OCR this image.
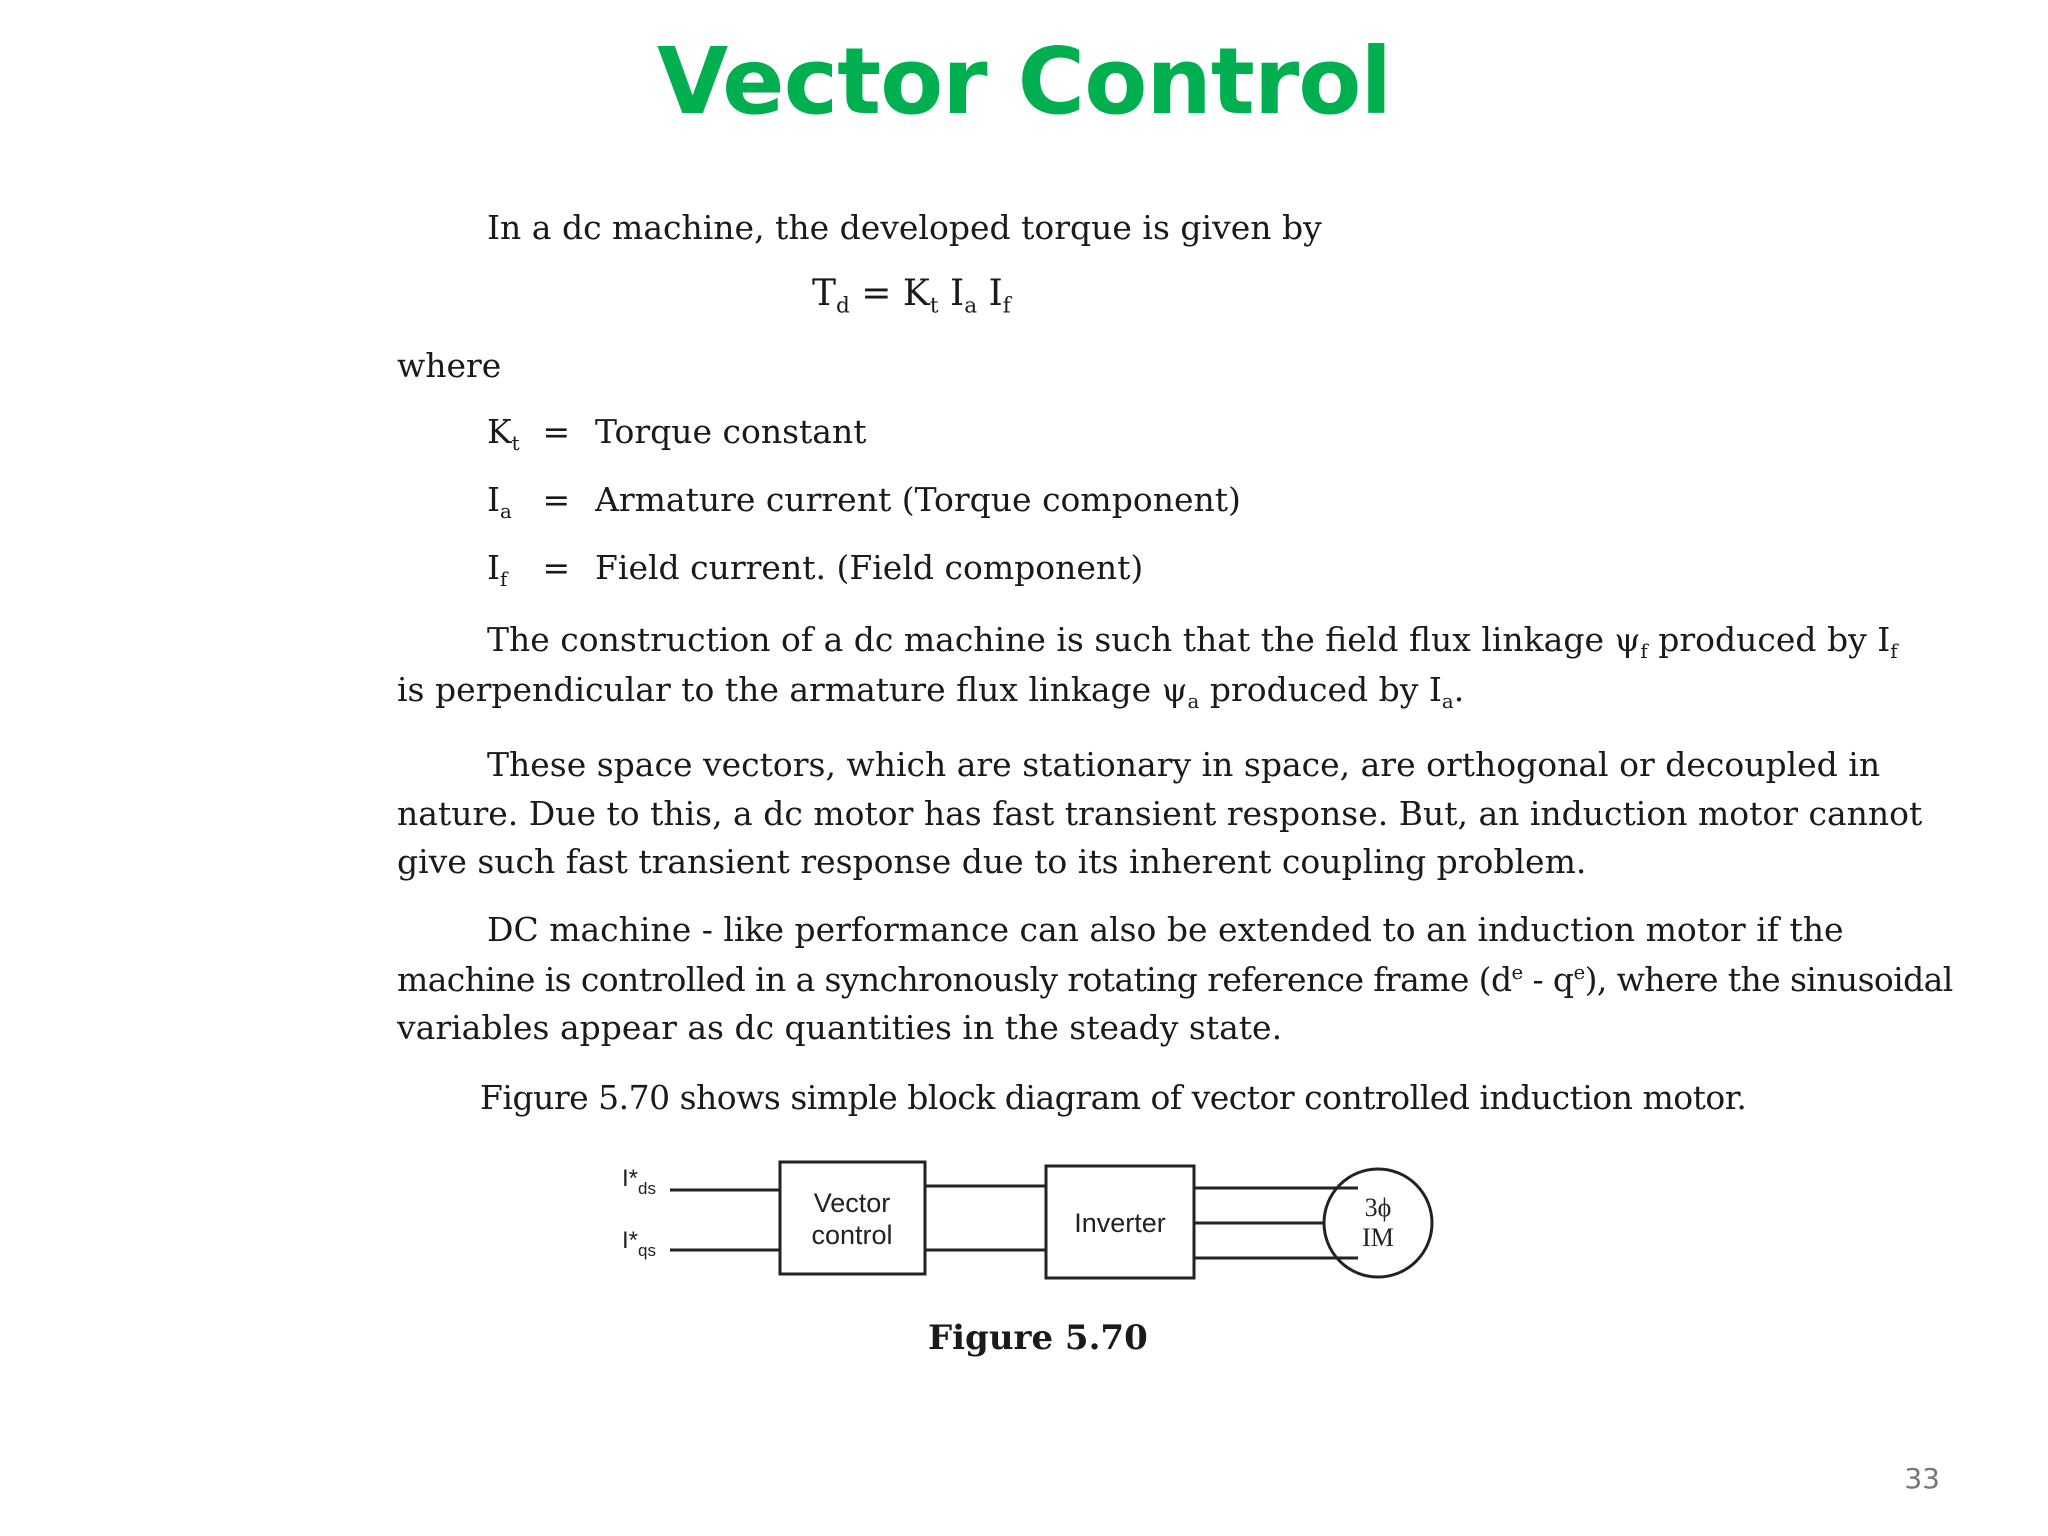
Vector Control
In a dc machine, the developed torque is given by
$T_d = K_t$ $I_a$ $I_f$
where
$K_t$ = Torque constant
$I_a$ = Armature current (Torque component)
$I_f$ = Field current. (Field component)
The construction of a dc machine is such that the field flux linkage $\psi_f$ produced by $I_f$
is perpendicular to the armature flux linkage $\psi_a$ produced by $I_a$.
These space vectors, which are stationary in space, are orthogonal or decoupled in
nature. Due to this, a dc motor has fast transient response. But, an induction motor cannot
give such fast transient response due to its inherent coupling problem.
DC machine - like performance can also be extended to an induction motor if the
machine is controlled in a synchronously rotating reference frame $(d^e - q^e)$, where the sinusoidal
variables appear as dc quantities in the steady state.
Figure 5.70 shows simple block diagram of vector controlled induction motor.
$I*_{ds}$
$I*_{qs}$
Vector
control	Inverter
3ϕ
IM
Figure 5.70
33
